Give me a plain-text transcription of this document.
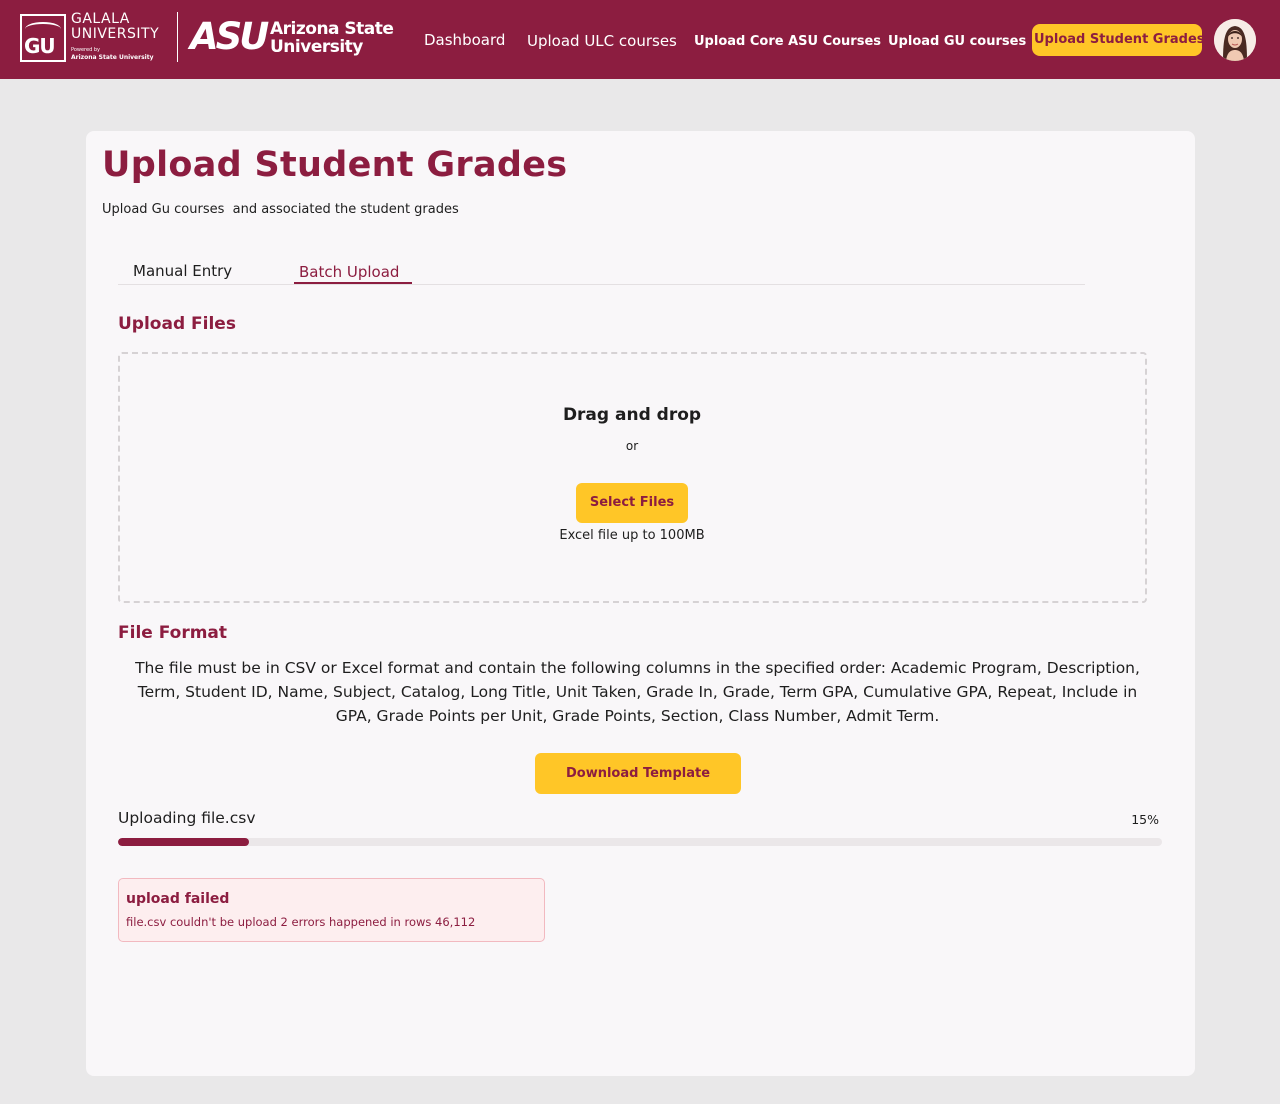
GU
GALALA
UNIVERSITY
Powered by
Arizona State University ASU Arizona State
University	Dashboard Upload ULC courses Upload Core ASU Courses Upload GU courses Upload Student Grades
Upload Student Grades

Upload Gu courses  and associated the student grades

Manual Entry	Batch Upload
Upload Files
Drag and drop
or
Select Files
Excel file up to 100MB
File Format

The file must be in CSV or Excel format and contain the following columns in the specified order: Academic Program, Description, Term, Student ID, Name, Subject, Catalog, Long Title, Unit Taken, Grade In, Grade, Term GPA, Cumulative GPA, Repeat, Include in GPA, Grade Points per Unit, Grade Points, Section, Class Number, Admit Term.

Download Template
Uploading file.csv	15%
upload failed
file.csv couldn't be upload 2 errors happened in rows 46,112
